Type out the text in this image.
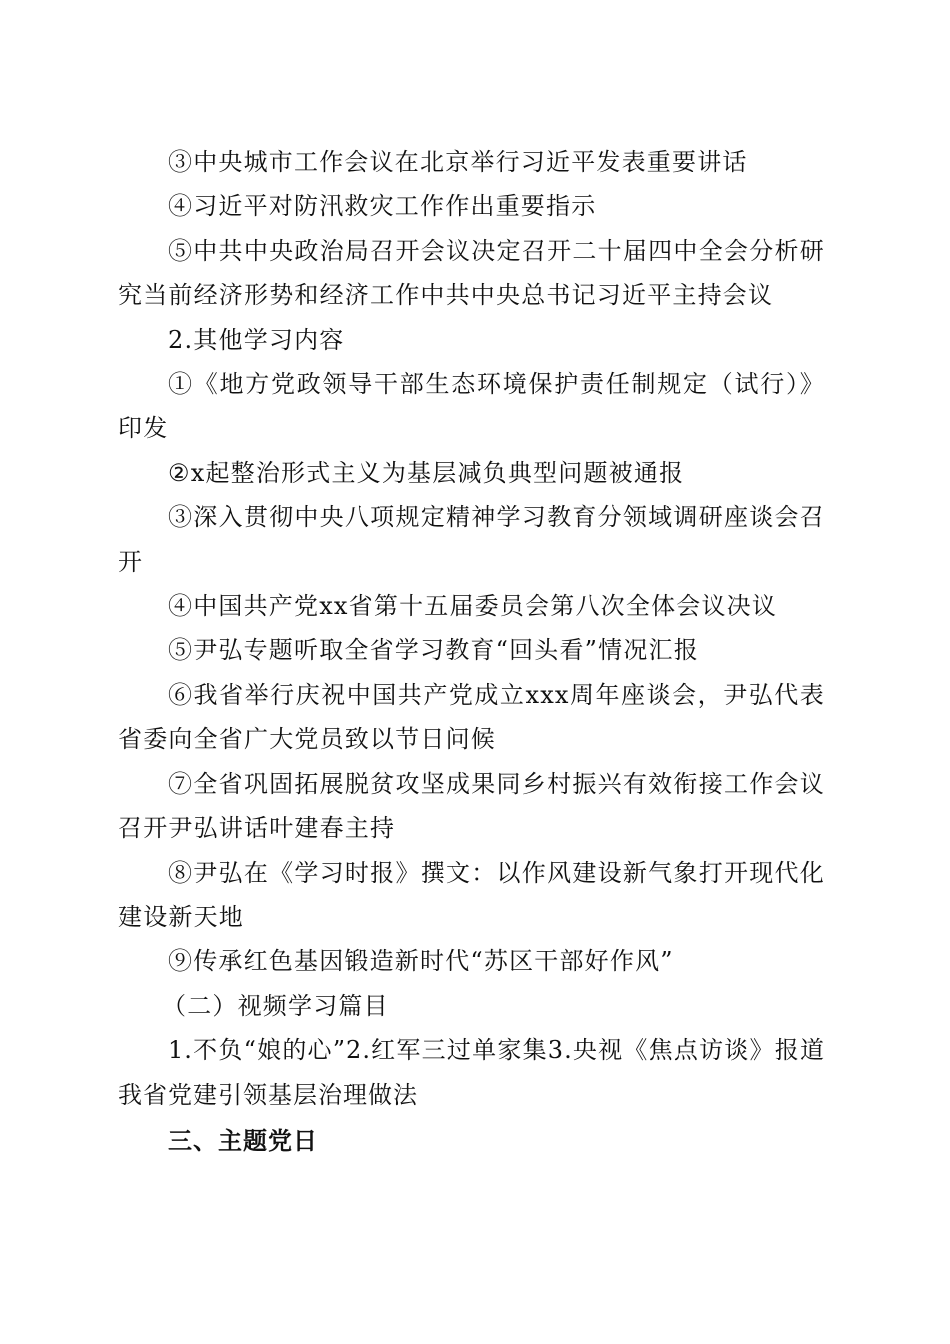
③中央城市工作会议在北京举行习近平发表重要讲话

④习近平对防汛救灾工作作出重要指示

⑤中共中央政治局召开会议决定召开二十届四中全会分析研究当前经济形势和经济工作中共中央总书记习近平主持会议

2.其他学习内容

①《地方党政领导干部生态环境保护责任制规定（试行）》印发

②x起整治形式主义为基层减负典型问题被通报

③深入贯彻中央八项规定精神学习教育分领域调研座谈会召开

④中国共产党xx省第十五届委员会第八次全体会议决议

⑤尹弘专题听取全省学习教育“回头看”情况汇报

⑥我省举行庆祝中国共产党成立xxx周年座谈会，尹弘代表省委向全省广大党员致以节日问候

⑦全省巩固拓展脱贫攻坚成果同乡村振兴有效衔接工作会议召开尹弘讲话叶建春主持

⑧尹弘在《学习时报》撰文：以作风建设新气象打开现代化建设新天地

⑨传承红色基因锻造新时代“苏区干部好作风”

（二）视频学习篇目

1.不负“娘的心”2.红军三过单家集3.央视《焦点访谈》报道我省党建引领基层治理做法

三、主题党日
